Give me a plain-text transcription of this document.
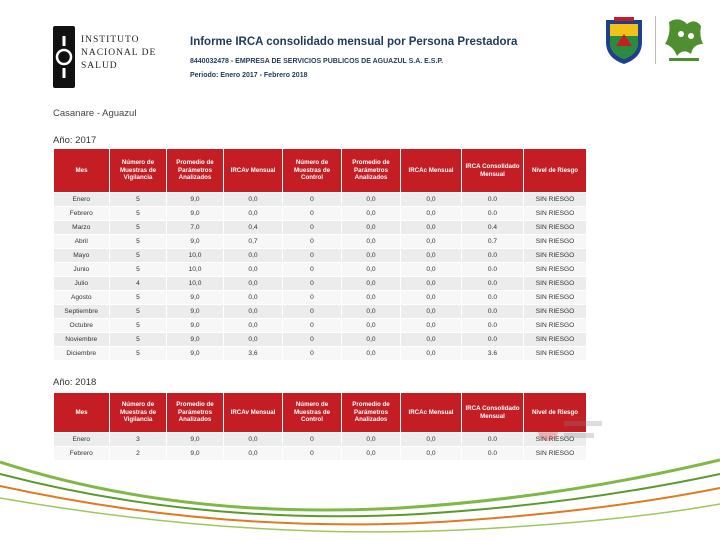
INSTITUTO
NACIONAL DE
SALUD
Informe IRCA consolidado mensual por Persona Prestadora
8440032478 - EMPRESA DE SERVICIOS PUBLICOS DE AGUAZUL S.A. E.S.P.
Periodo: Enero 2017 - Febrero 2018
Casanare - Aguazul
Año: 2017
Mes	Número de Muestras de Vigilancia	Promedio de Parámetros Analizados	IRCAv Mensual	Número de Muestras de Control	Promedio de Parámetros Analizados	IRCAc Mensual	IRCA Consolidado Mensual	Nivel de Riesgo
Enero	5	9,0	0,0	0	0,0	0,0	0.0	SIN RIESGO
Febrero	5	9,0	0,0	0	0,0	0,0	0.0	SIN RIESGO
Marzo	5	7,0	0,4	0	0,0	0,0	0.4	SIN RIESGO
Abril	5	9,0	0,7	0	0,0	0,0	0.7	SIN RIESGO
Mayo	5	10,0	0,0	0	0,0	0,0	0.0	SIN RIESGO
Junio	5	10,0	0,0	0	0,0	0,0	0.0	SIN RIESGO
Julio	4	10,0	0,0	0	0,0	0,0	0.0	SIN RIESGO
Agosto	5	9,0	0,0	0	0,0	0,0	0.0	SIN RIESGO
Septiembre	5	9,0	0,0	0	0,0	0,0	0.0	SIN RIESGO
Octubre	5	9,0	0,0	0	0,0	0,0	0.0	SIN RIESGO
Noviembre	5	9,0	0,0	0	0,0	0,0	0.0	SIN RIESGO
Diciembre	5	9,0	3,6	0	0,0	0,0	3.6	SIN RIESGO
Año: 2018
Mes	Número de Muestras de Vigilancia	Promedio de Parámetros Analizados	IRCAv Mensual	Número de Muestras de Control	Promedio de Parámetros Analizados	IRCAc Mensual	IRCA Consolidado Mensual	Nivel de Riesgo
Enero	3	9,0	0,0	0	0,0	0,0	0.0	SIN RIESGO
Febrero	2	9,0	0,0	0	0,0	0,0	0.0	SIN RIESGO
